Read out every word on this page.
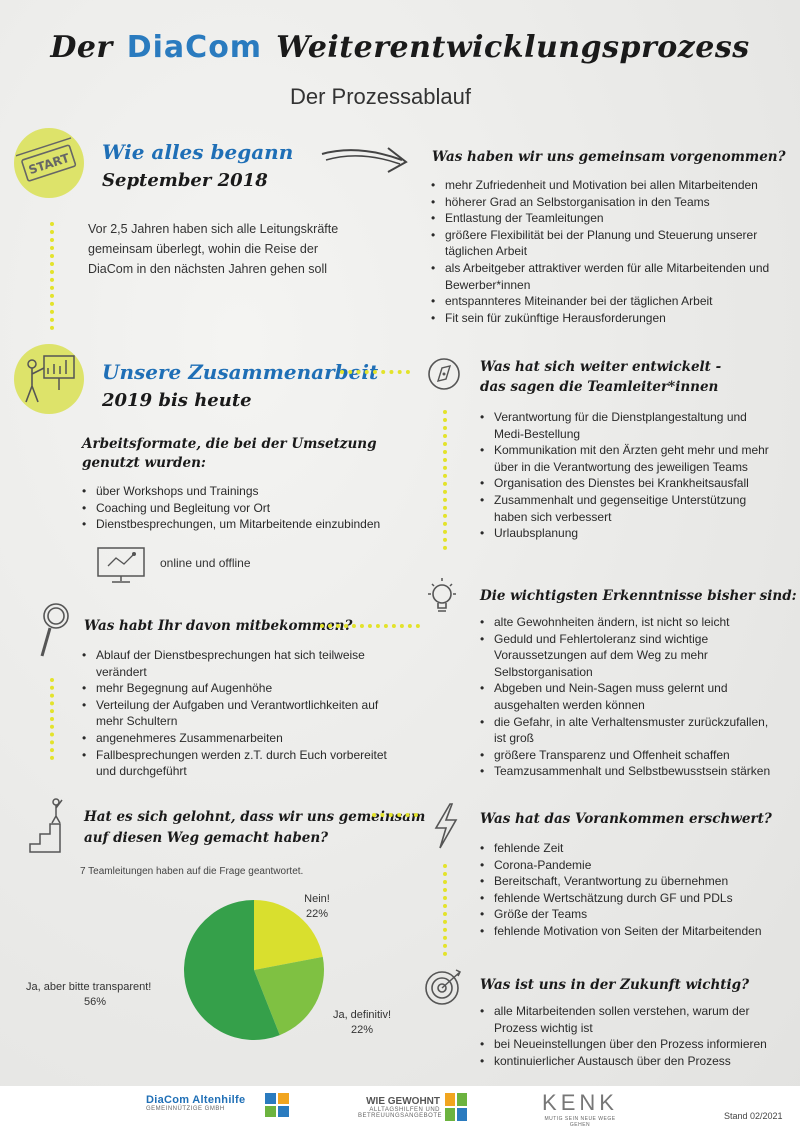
Der DiaCom Weiterentwicklungsprozess
Der Prozessablauf
START Wie alles begann
September 2018
Vor 2,5 Jahren haben sich alle Leitungskräfte gemeinsam überlegt, wohin die Reise der DiaCom in den nächsten Jahren gehen soll
Was haben wir uns gemeinsam vorgenommen?
• mehr Zufriedenheit und Motivation bei allen Mitarbeitenden
• höherer Grad an Selbstorganisation in den Teams
• Entlastung der Teamleitungen
• größere Flexibilität bei der Planung und Steuerung unserer täglichen Arbeit
• als Arbeitgeber attraktiver werden für alle Mitarbeitenden und Bewerber*innen
• entspannteres Miteinander bei der täglichen Arbeit
• Fit sein für zukünftige Herausforderungen
Unsere Zusammenarbeit
2019 bis heute
Arbeitsformate, die bei der Umsetzung genutzt wurden:
• über Workshops und Trainings
• Coaching und Begleitung vor Ort
• Dienstbesprechungen, um Mitarbeitende einzubinden
online und offline
Was hat sich weiter entwickelt -
das sagen die Teamleiter*innen
• Verantwortung für die Dienstplangestaltung und Medi-Bestellung
• Kommunikation mit den Ärzten geht mehr und mehr über in die Verantwortung des jeweiligen Teams
• Organisation des Dienstes bei Krankheitsausfall
• Zusammenhalt und gegenseitige Unterstützung haben sich verbessert
• Urlaubsplanung
Die wichtigsten Erkenntnisse bisher sind:
• alte Gewohnheiten ändern, ist nicht so leicht
• Geduld und Fehlertoleranz sind wichtige Voraussetzungen auf dem Weg zu mehr Selbstorganisation
• Abgeben und Nein-Sagen muss gelernt und ausgehalten werden können
• die Gefahr, in alte Verhaltensmuster zurückzufallen, ist groß
• größere Transparenz und Offenheit schaffen
• Teamzusammenhalt und Selbstbewusstsein stärken
Was habt Ihr davon mitbekommen?
• Ablauf der Dienstbesprechungen hat sich teilweise verändert
• mehr Begegnung auf Augenhöhe
• Verteilung der Aufgaben und Verantwortlichkeiten auf mehr Schultern
• angenehmeres Zusammenarbeiten
• Fallbesprechungen werden z.T. durch Euch vorbereitet und durchgeführt
Hat es sich gelohnt, dass wir uns gemeinsam
auf diesen Weg gemacht haben?
7 Teamleitungen haben auf die Frage geantwortet.
Nein!
22%
Ja, definitiv!
22%
Ja, aber bitte transparent!
56%
Was hat das Vorankommen erschwert?
• fehlende Zeit
• Corona-Pandemie
• Bereitschaft, Verantwortung zu übernehmen
• fehlende Wertschätzung durch GF und PDLs
• Größe der Teams
• fehlende Motivation von Seiten der Mitarbeitenden
Was ist uns in der Zukunft wichtig?
• alle Mitarbeitenden sollen verstehen, warum der Prozess wichtig ist
• bei Neueinstellungen über den Prozess informieren
• kontinuierlicher Austausch über den Prozess
DiaCom Altenhilfe
GEMEINNÜTZIGE GMBH
WIE GEWOHNT
ALLTAGSHILFEN UND
BETREUUNGSANGEBOTE
KENK
MUTIG SEIN NEUE WEGE GEHEN
Stand 02/2021
